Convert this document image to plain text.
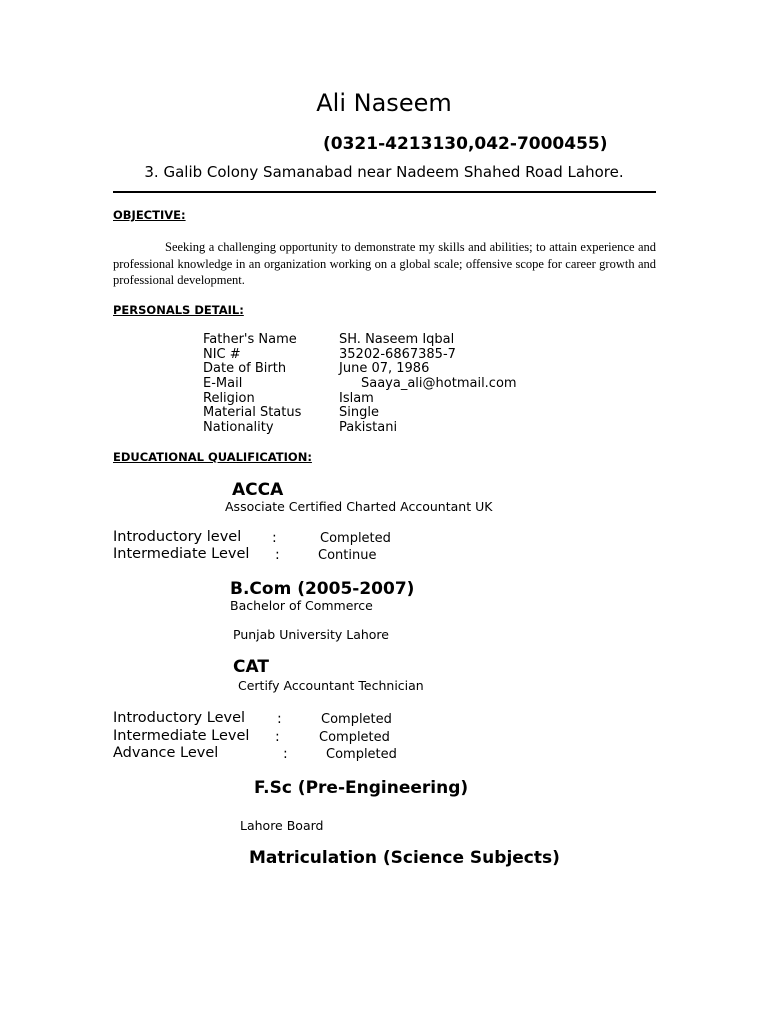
Ali Naseem
(0321-4213130,042-7000455)
3. Galib Colony Samanabad near Nadeem Shahed Road Lahore.
OBJECTIVE:
Seeking a challenging opportunity to demonstrate my skills and abilities; to attain experience and professional knowledge in an organization working on a global scale; offensive scope for career growth and professional development.
PERSONALS DETAIL:
Father's Name	SH. Naseem Iqbal
NIC #	35202-6867385-7
Date of Birth	June 07, 1986
E-Mail	Saaya_ali@hotmail.com
Religion	Islam
Material Status	Single
Nationality	Pakistani
EDUCATIONAL QUALIFICATION:
ACCA
Associate Certified Charted Accountant UK
Introductory level :	Completed
Intermediate Level :	Continue
B.Com (2005-2007)
Bachelor of Commerce
Punjab University Lahore
CAT
Certify Accountant Technician
Introductory Level :	Completed
Intermediate Level :	Completed
Advance Level	:	Completed
F.Sc (Pre-Engineering)
Lahore Board
Matriculation (Science Subjects)
